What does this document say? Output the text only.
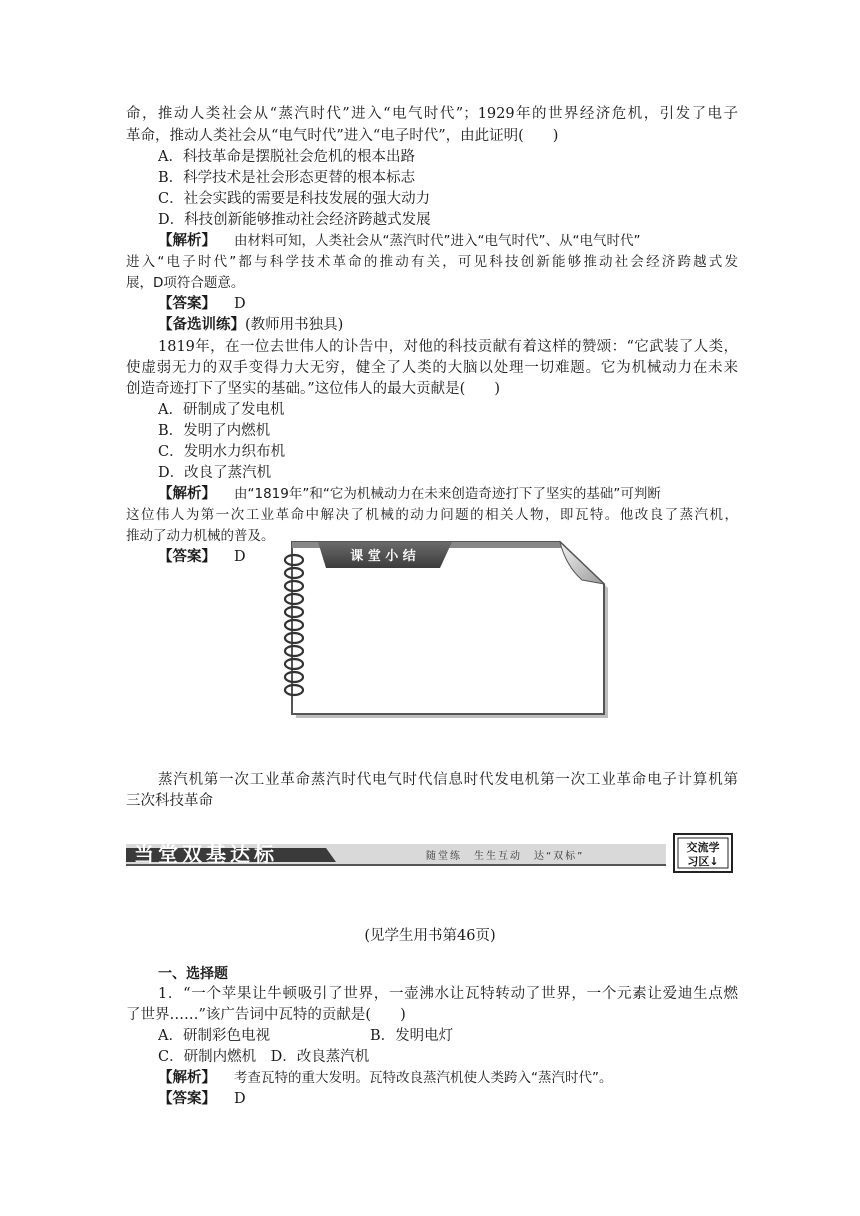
命，推动人类社会从“蒸汽时代”进入“电气时代”；1929年的世界经济危机，引发了电子
革命，推动人类社会从“电气时代”进入“电子时代”，由此证明(　　)
A．科技革命是摆脱社会危机的根本出路
B．科学技术是社会形态更替的根本标志
C．社会实践的需要是科技发展的强大动力
D．科技创新能够推动社会经济跨越式发展
【解析】 由材料可知，人类社会从“蒸汽时代”进入“电气时代”、从“电气时代”
进入“电子时代”都与科学技术革命的推动有关，可见科技创新能够推动社会经济跨越式发
展，D项符合题意。
【答案】 D
【备选训练】(教师用书独具)
1819年，在一位去世伟人的讣告中，对他的科技贡献有着这样的赞颂：“它武装了人类，
使虚弱无力的双手变得力大无穷，健全了人类的大脑以处理一切难题。它为机械动力在未来
创造奇迹打下了坚实的基础。”这位伟人的最大贡献是(　　)
A．研制成了发电机
B．发明了内燃机
C．发明水力织布机
D．改良了蒸汽机
【解析】 由“1819年”和“它为机械动力在未来创造奇迹打下了坚实的基础”可判断
这位伟人为第一次工业革命中解决了机械的动力问题的相关人物，即瓦特。他改良了蒸汽机，
推动了动力机械的普及。
【答案】 D	课 堂 小 结
蒸汽机第一次工业革命蒸汽时代电气时代信息时代发电机第一次工业革命电子计算机第
三次科技革命
当堂双基达标	随堂练　生生互动　达“双标”
交流学
习区↓
(见学生用书第46页)
一、选择题
1．“一个苹果让牛顿吸引了世界，一壶沸水让瓦特转动了世界，一个元素让爱迪生点燃
了世界……”该广告词中瓦特的贡献是(　　)
A．研制彩色电视	B．发明电灯
C．研制内燃机　D．改良蒸汽机
【解析】 考查瓦特的重大发明。瓦特改良蒸汽机使人类跨入“蒸汽时代”。
【答案】 D
